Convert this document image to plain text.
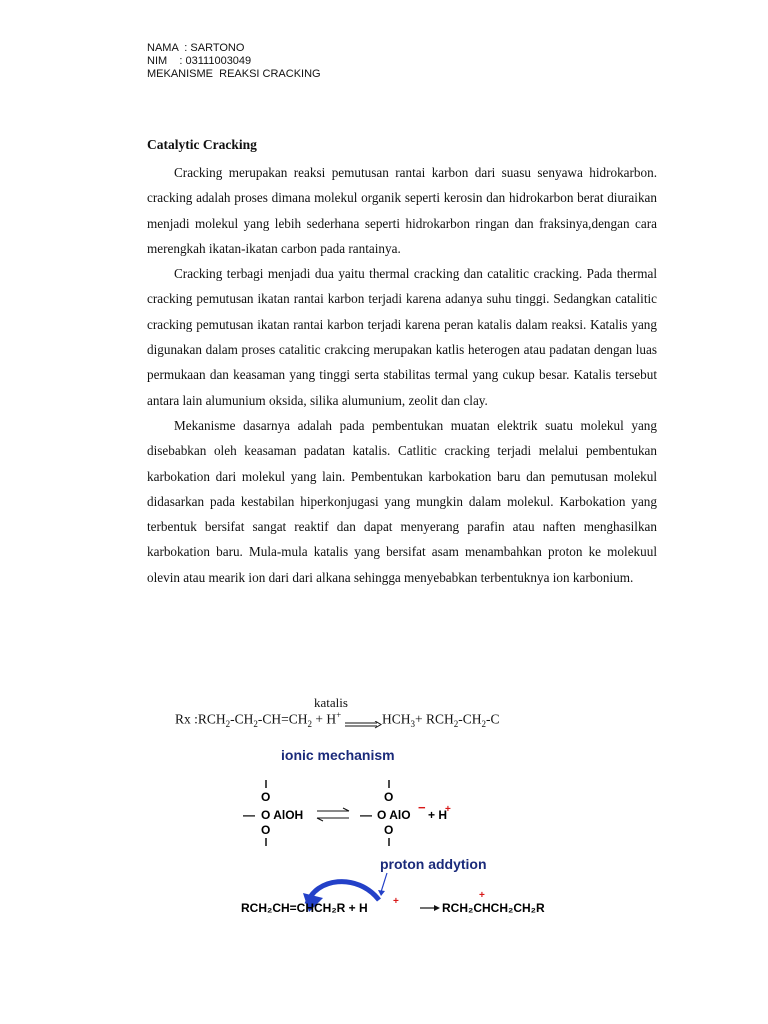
NAMA  : SARTONO
NIM    : 03111003049
MEKANISME  REAKSI CRACKING
Catalytic Cracking

Cracking merupakan reaksi pemutusan rantai karbon dari suasu senyawa hidrokarbon. cracking adalah proses dimana molekul organik seperti kerosin dan hidrokarbon berat diuraikan menjadi molekul yang lebih sederhana seperti hidrokarbon ringan dan fraksinya,dengan cara merengkah ikatan-ikatan carbon pada rantainya.

Cracking terbagi menjadi dua yaitu thermal cracking dan catalitic cracking. Pada thermal cracking pemutusan ikatan rantai karbon terjadi karena adanya suhu tinggi. Sedangkan catalitic cracking pemutusan ikatan rantai karbon terjadi karena peran katalis dalam reaksi. Katalis yang digunakan dalam proses catalitic crakcing merupakan katlis heterogen atau padatan dengan luas permukaan dan keasaman yang tinggi serta stabilitas termal yang cukup besar. Katalis tersebut antara lain alumunium oksida, silika alumunium, zeolit dan clay.

Mekanisme dasarnya adalah pada pembentukan muatan elektrik suatu molekul yang disebabkan oleh keasaman padatan katalis. Catlitic cracking terjadi melalui pembentukan karbokation dari molekul yang lain. Pembentukan karbokation baru dan pemutusan molekul didasarkan pada kestabilan hiperkonjugasi yang mungkin dalam molekul. Karbokation yang terbentuk bersifat sangat reaktif dan dapat menyerang parafin atau naften menghasilkan karbokation baru. Mula-mula katalis yang bersifat asam menambahkan proton ke molekuul olevin atau mearik ion dari dari alkana sehingga menyebabkan terbentuknya ion karbonium.

katalis
Rx $:RCH_2-CH_2-CH=CH_2 + H^+$	$HCH_3+ RCH_2-CH_2-C$
ionic mechanism
O
— O AlOH
O
O
— O AlO − + H
+
O
proton addytion
RCH₂CH=CHCH₂R + H	+	RCH₂CHCH₂CH₂R
+
